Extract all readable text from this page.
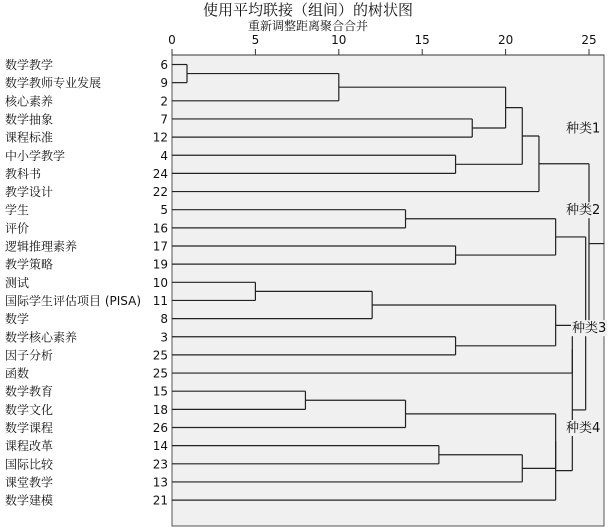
使用平均联接（组间）的树状图
重新调整距离聚合合并
0	5	10	15	20	25
数学教学	6
数学教师专业发展	9
核心素养	2
数学抽象	7
课程标准	12
中小学教学	4
教科书	24
教学设计	22
学生	5
评价	16
逻辑推理素养	17
教学策略	19
测试	10
国际学生评估项目 (PISA) 11
数学	8
数学核心素养	3
因子分析	25
函数	25
数学教育	15
数学文化	18
数学课程	26
课程改革	14
国际比较	23
课堂教学	13
数学建模	21
种类1
种类2
种类3
种类4
